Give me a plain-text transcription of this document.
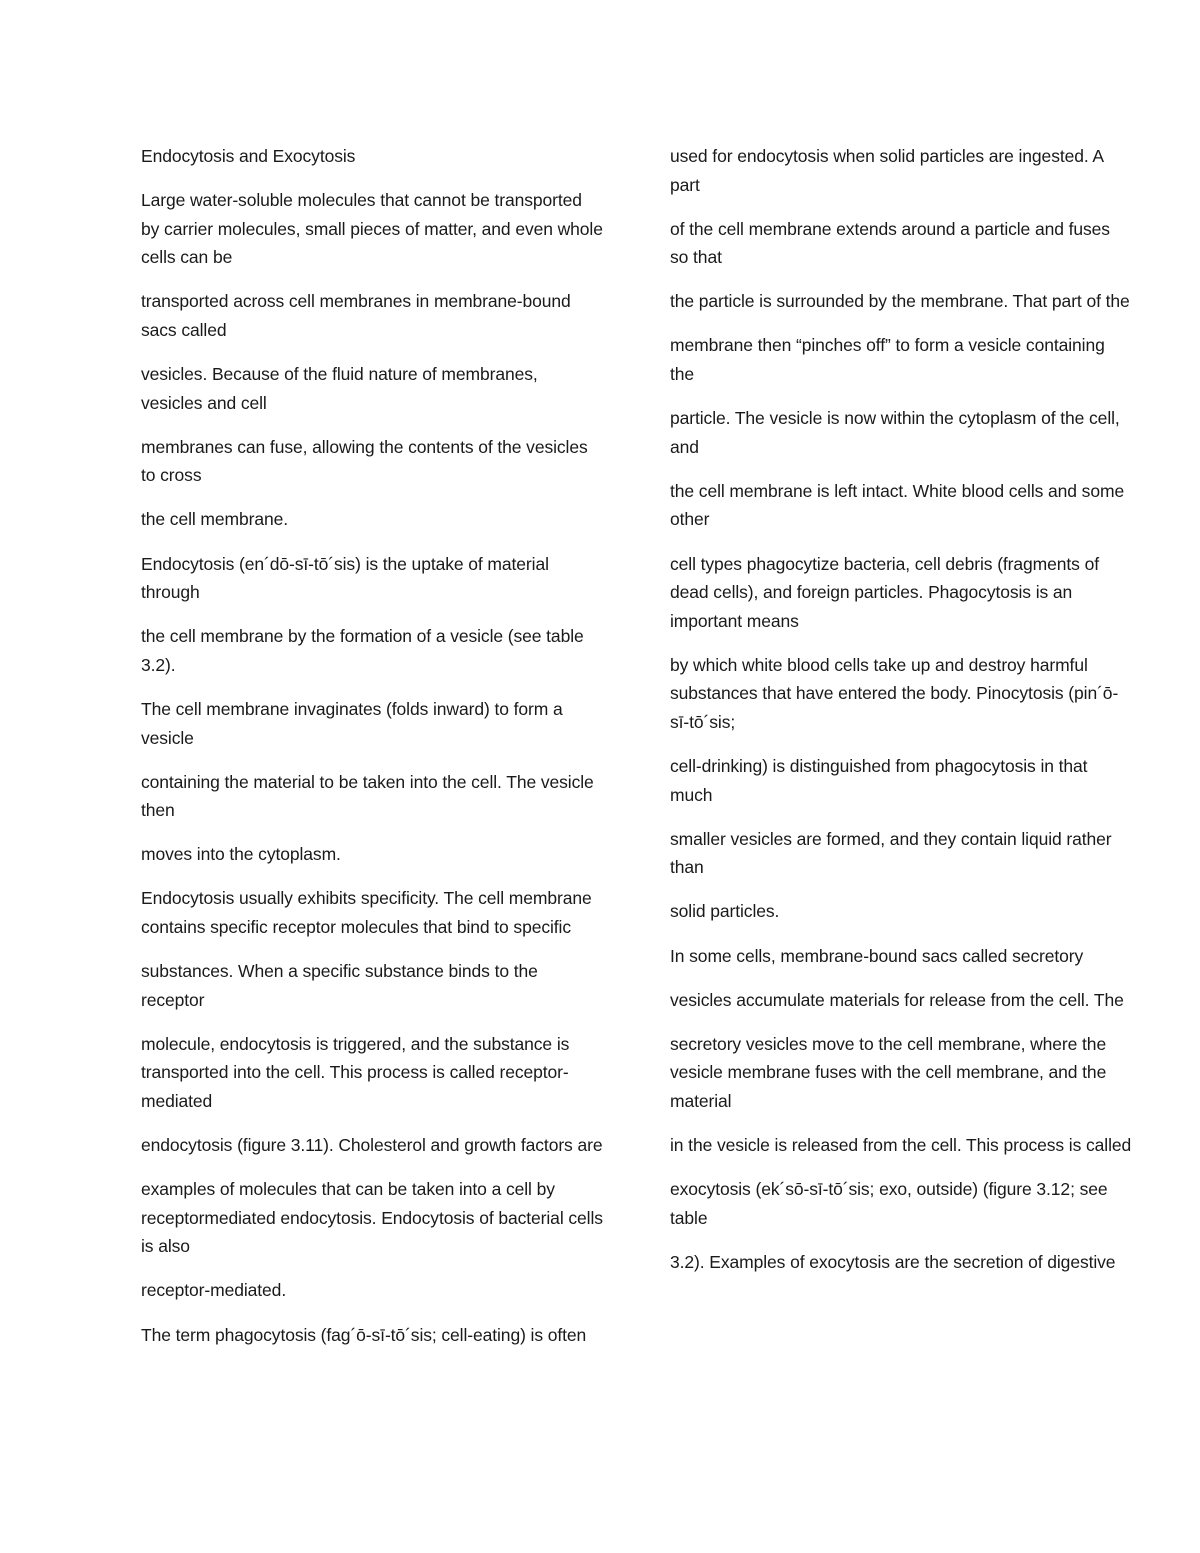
Endocytosis and Exocytosis

Large water-soluble molecules that cannot be transported by carrier molecules, small pieces of matter, and even whole cells can be

transported across cell membranes in membrane-bound sacs called

vesicles. Because of the fluid nature of membranes, vesicles and cell

membranes can fuse, allowing the contents of the vesicles to cross

the cell membrane.

Endocytosis (en´dō-sī-tō´sis) is the uptake of material through

the cell membrane by the formation of a vesicle (see table 3.2).

The cell membrane invaginates (folds inward) to form a vesicle

containing the material to be taken into the cell. The vesicle then

moves into the cytoplasm.

Endocytosis usually exhibits specificity. The cell membrane contains specific receptor molecules that bind to specific

substances. When a specific substance binds to the receptor

molecule, endocytosis is triggered, and the substance is transported into the cell. This process is called receptor-mediated

endocytosis (figure 3.11). Cholesterol and growth factors are

examples of molecules that can be taken into a cell by receptormediated endocytosis. Endocytosis of bacterial cells is also

receptor-mediated.

The term phagocytosis (fag´ō-sī-tō´sis; cell-eating) is often

used for endocytosis when solid particles are ingested. A part

of the cell membrane extends around a particle and fuses so that

the particle is surrounded by the membrane. That part of the

membrane then “pinches off” to form a vesicle containing the

particle. The vesicle is now within the cytoplasm of the cell, and

the cell membrane is left intact. White blood cells and some other

cell types phagocytize bacteria, cell debris (fragments of dead cells), and foreign particles. Phagocytosis is an important means

by which white blood cells take up and destroy harmful substances that have entered the body. Pinocytosis (pin´ō-sī-tō´sis;

cell-drinking) is distinguished from phagocytosis in that much

smaller vesicles are formed, and they contain liquid rather than

solid particles.

In some cells, membrane-bound sacs called secretory

vesicles accumulate materials for release from the cell. The

secretory vesicles move to the cell membrane, where the vesicle membrane fuses with the cell membrane, and the material

in the vesicle is released from the cell. This process is called

exocytosis (ek´sō-sī-tō´sis; exo, outside) (figure 3.12; see table

3.2). Examples of exocytosis are the secretion of digestive
